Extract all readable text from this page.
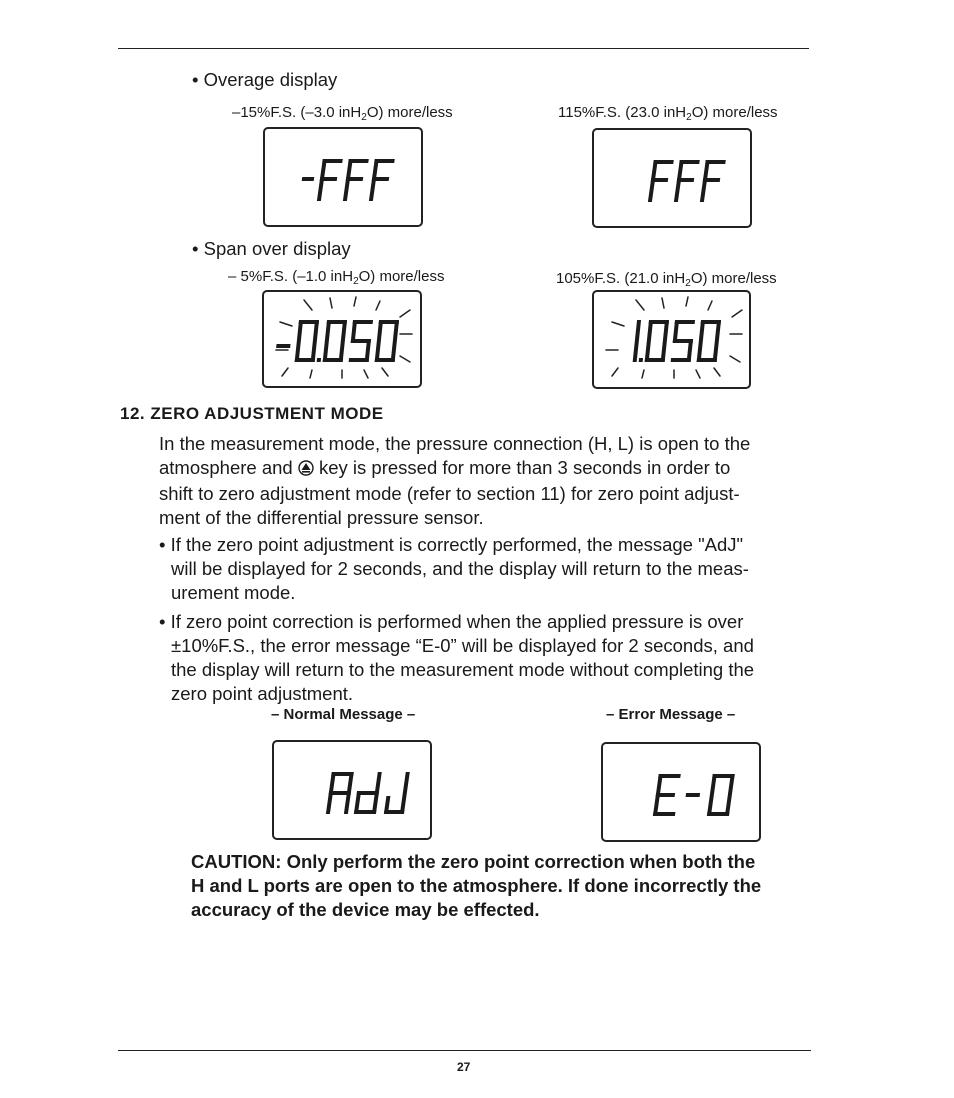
• Overage display
–15%F.S. (–3.0 inH$_2$O) more/less	115%F.S. (23.0 inH$_2$O) more/less
• Span over display
– 5%F.S. (–1.0 inH$_2$O) more/less	105%F.S. (21.0 inH$_2$O) more/less
12. ZERO ADJUSTMENT MODE
In the measurement mode, the pressure connection (H, L) is open to the
atmosphere and key is pressed for more than 3 seconds in order to
shift to zero adjustment mode (refer to section 11) for zero point adjust-
ment of the differential pressure sensor.
• If the zero point adjustment is correctly performed, the message "AdJ"
will be displayed for 2 seconds, and the display will return to the meas-
urement mode.
• If zero point correction is performed when the applied pressure is over
±10%F.S., the error message “E-0” will be displayed for 2 seconds, and
the display will return to the measurement mode without completing the
zero point adjustment.
– Normal Message –	– Error Message –
CAUTION: Only perform the zero point correction when both the
H and L ports are open to the atmosphere. If done incorrectly the
accuracy of the device may be effected.
27
